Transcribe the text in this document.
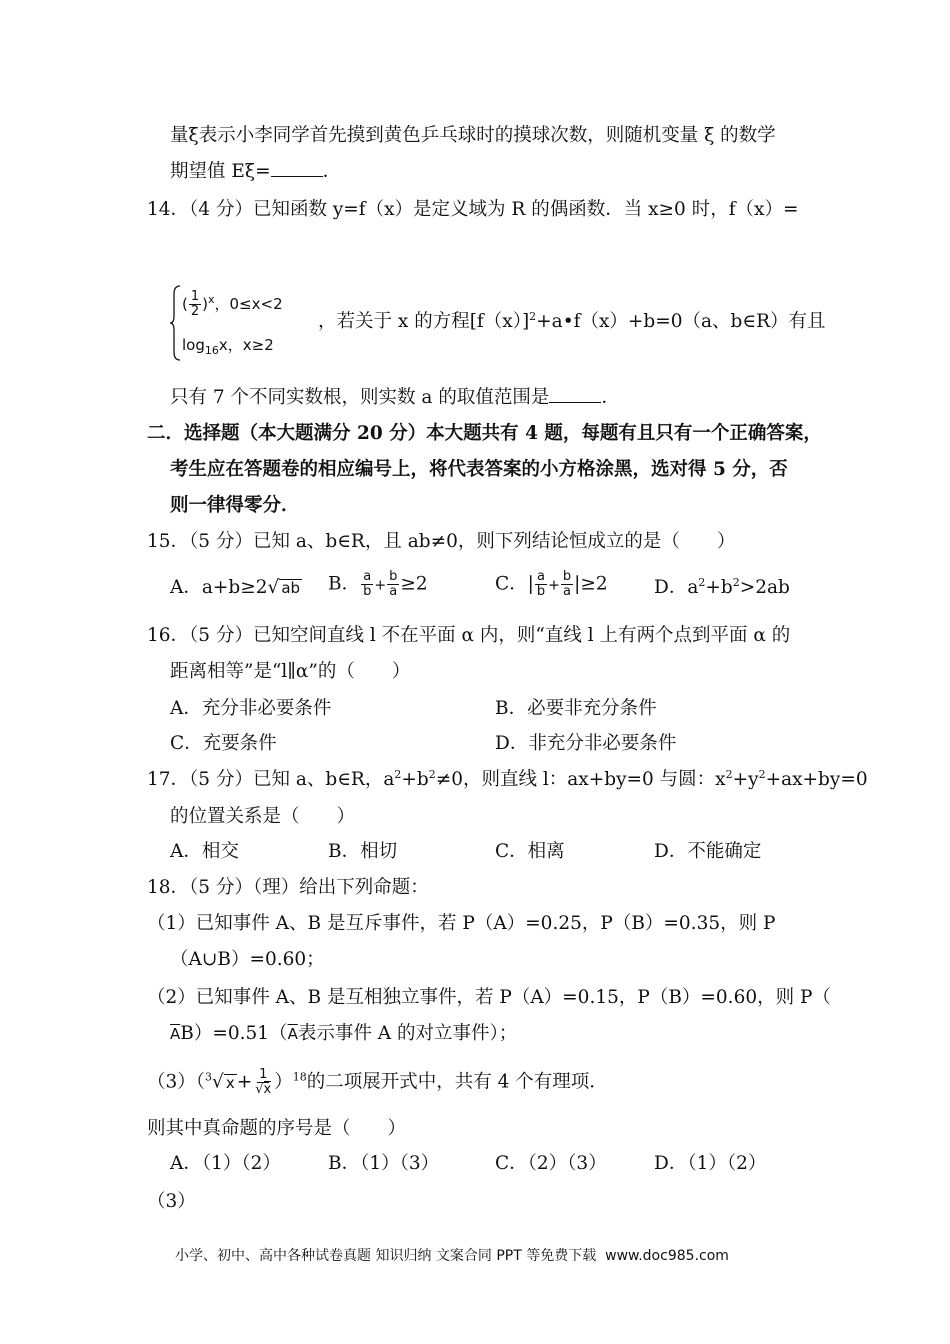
量ξ表示小李同学首先摸到黄色乒乓球时的摸球次数，则随机变量 ξ 的数学
期望值 Eξ=	．
14．（4 分）已知函数 y=f（x）是定义域为 R 的偶函数．当 x≥0 时，f（x）=
( $\frac{1}{2} )^x$，0≤x<2
$\log_{16}x$，x≥2
，若关于 x 的方程$[f(x)]^2+a•f(x)+b=0(a$、b∈R）有且
只有 7 个不同实数根，则实数 a 的取值范围是	．
二．选择题（本大题满分 20 分）本大题共有 4 题，每题有且只有一个正确答案，
考生应在答题卷的相应编号上，将代表答案的小方格涂黑，选对得 5 分，否
则一律得零分．
15．（5 分）已知 a、b∈R，且 ab≠0，则下列结论恒成立的是（　　）
A．a+b≥2√ ab B． $\frac{a}{b} + \frac{b}{a} \ge 2$	C．| $\frac{a}{b} + \frac{b}{a} |\ge 2$	D．$a^2+b^2>2ab$
16．（5 分）已知空间直线 l 不在平面 α 内，则“直线 l 上有两个点到平面 α 的
距离相等”是“l∥α”的（　　）
A．充分非必要条件	B．必要非充分条件
C．充要条件	D．非充分非必要条件
17．（5 分）已知 a、b∈R，$a^2+b^2\ne 0$，则直线 l：ax+by=0 与圆：$x^2+y^2+ax+by=0$
的位置关系是（　　）
A．相交	B．相切	C．相离	D．不能确定
18．（5 分）（理）给出下列命题：
（1）已知事件 A、B 是互斥事件，若 P（A）=0.25，P（B）=0.35，则 P
（A∪B）=0.60；
（2）已知事件 A、B 是互相独立事件，若 P（A）=0.15，P（B）=0.60，则 P（
$\overline{A}B)=0.51(\overline{A}$表示事件 A 的对立事件）；
（3）（$^3$√ $x + \frac{1}{√x} )^{18}$的二项展开式中，共有 4 个有理项．
则其中真命题的序号是（　　）
A．（1）（2）	B．（1）（3）	C．（2）（3）	D．（1）（2）
（3）
小学、初中、高中各种试卷真题 知识归纳 文案合同 PPT 等免费下载 www.doc985.com
